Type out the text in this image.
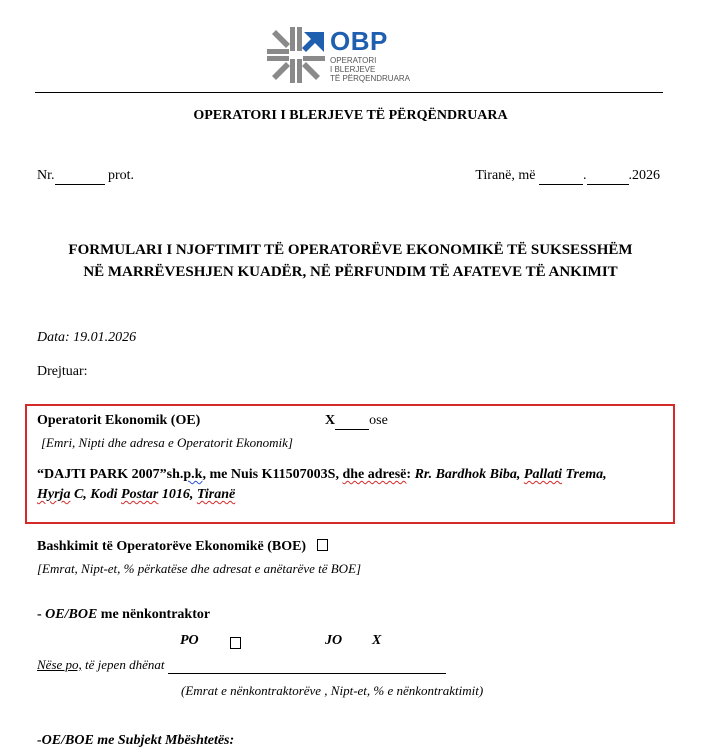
OBP
OPERATORI
I BLERJEVE
TË PËRQENDRUARA
OPERATORI I BLERJEVE TË PËRQËNDRUARA
Nr.	prot.	Tiranë, më	.	.2026
FORMULARI I NJOFTIMIT TË OPERATORËVE EKONOMIKË TË SUKSESSHËM
NË MARRËVESHJEN KUADËR, NË PËRFUNDIM TË AFATEVE TË ANKIMIT
Data: 19.01.2026
Drejtuar:
Operatorit Ekonomik (OE)	X ose
[Emri, Nipti dhe adresa e Operatorit Ekonomik]
“DAJTI PARK 2007”sh.p.k, me Nuis K11507003S, dhe adresë: Rr. Bardhok Biba, Pallati Trema,
Hyrja C, Kodi Postar 1016, Tiranë
Bashkimit të Operatorëve Ekonomikë (BOE)
[Emrat, Nipt-et, % përkatëse dhe adresat e anëtarëve të BOE]
- OE/BOE me nënkontraktor
PO	JO X
Nëse po, të jepen dhënat
(Emrat e nënkontraktorëve , Nipt-et, % e nënkontraktimit)
-OE/BOE me Subjekt Mbështetës:
